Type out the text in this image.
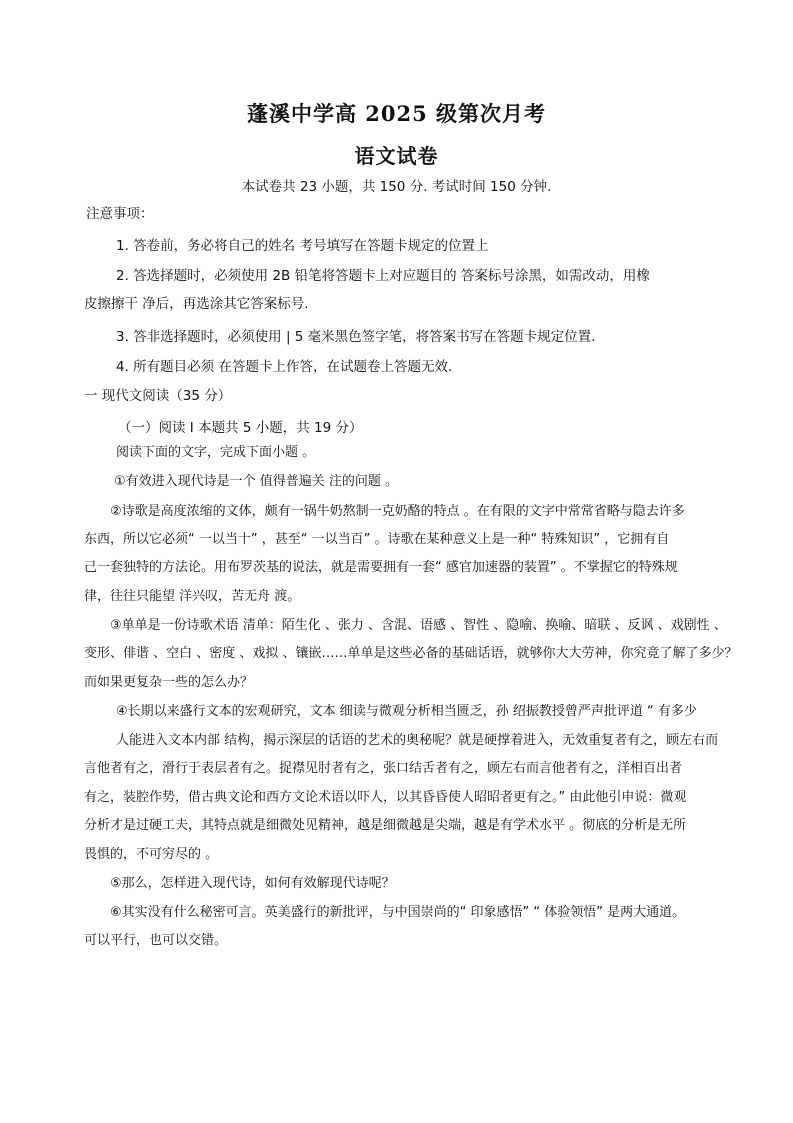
蓬溪中学高 2025 级第次月考
语文试卷
本试卷共 23 小题，共 150 分. 考试时间 150 分钟.
注意事项：
1. 答卷前，务必将自己的姓名 考号填写在答题卡规定的位置上
2. 答选择题时，必须使用 2B 铅笔将答题卡上对应题目的 答案标号涂黑，如需改动，用橡
皮擦擦干 净后，再选涂其它答案标号.
3. 答非选择题时，必须使用 | 5 毫米黑色签字笔，将答案书写在答题卡规定位置.
4. 所有题目必须 在答题卡上作答，在试题卷上答题无效.
一 现代文阅读（35 分）
（一）阅读 I 本题共 5 小题，共 19 分）
阅读下面的文字，完成下面小题 。
①有效进入现代诗是一个 值得普遍关 注的问题 。
②诗歌是高度浓缩的文体，颇有一锅牛奶熬制一克奶酪的特点 。在有限的文字中常常省略与隐去许多
东西，所以它必须“ 一以当十” ，甚至“ 一以当百” 。诗歌在某种意义上是一种“ 特殊知识” ，它拥有自
己一套独特的方法论。用布罗茨基的说法，就是需要拥有一套“ 感官加速器的装置” 。不掌握它的特殊规
律，往往只能望 洋兴叹，苦无舟 渡。
③单单是一份诗歌术语 清单：陌生化 、张力 、含混、语感 、智性 、隐喻、换喻、暗联 、反讽 、戏剧性 、
变形、俳谐 、空白 、密度 、戏拟 、镶嵌……单单是这些必备的基础话语，就够你大大劳神，你究竟了解了多少？
而如果更复杂一些的怎么办？
④长期以来盛行文本的宏观研究，文本 细读与微观分析相当匮乏，孙 绍振教授曾严声批评道 “ 有多少
人能进入文本内部 结构，揭示深层的话语的艺术的奥秘呢？就是硬撑着进入，无效重复者有之，顾左右而
言他者有之，滑行于表层者有之。捉襟见肘者有之，张口结舌者有之，顾左右而言他者有之，洋相百出者
有之，装腔作势，借古典文论和西方文论术语以吓人，以其昏昏使人昭昭者更有之。” 由此他引申说：微观
分析才是过硬工夫，其特点就是细微处见精神，越是细微越是尖端，越是有学术水平 。彻底的分析是无所
畏惧的，不可穷尽的 。
⑤那么，怎样进入现代诗，如何有效解现代诗呢？
⑥其实没有什么秘密可言。英美盛行的新批评，与中国崇尚的“ 印象感悟” “ 体验领悟” 是两大通道。
可以平行，也可以交错。
